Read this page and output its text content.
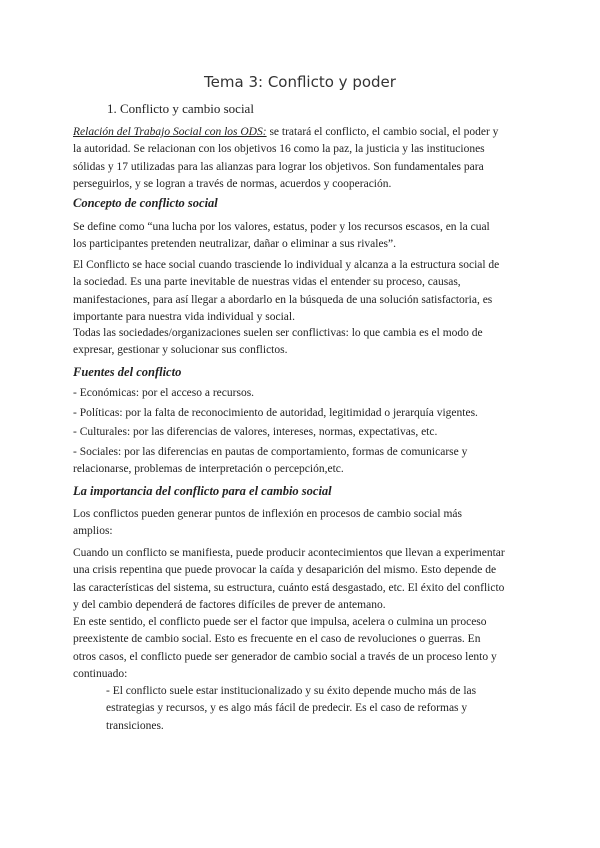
Tema 3: Conflicto y poder
1. Conflicto y cambio social
Relación del Trabajo Social con los ODS: se tratará el conflicto, el cambio social, el poder y
la autoridad. Se relacionan con los objetivos 16 como la paz, la justicia y las instituciones
sólidas y 17 utilizadas para las alianzas para lograr los objetivos. Son fundamentales para
perseguirlos, y se logran a través de normas, acuerdos y cooperación.
Concepto de conflicto social
Se define como “una lucha por los valores, estatus, poder y los recursos escasos, en la cual
los participantes pretenden neutralizar, dañar o eliminar a sus rivales”.
El Conflicto se hace social cuando trasciende lo individual y alcanza a la estructura social de
la sociedad. Es una parte inevitable de nuestras vidas el entender su proceso, causas,
manifestaciones, para así llegar a abordarlo en la búsqueda de una solución satisfactoria, es
importante para nuestra vida individual y social.
Todas las sociedades/organizaciones suelen ser conflictivas: lo que cambia es el modo de
expresar, gestionar y solucionar sus conflictos.
Fuentes del conflicto
- Económicas: por el acceso a recursos.
- Políticas: por la falta de reconocimiento de autoridad, legitimidad o jerarquía vigentes.
- Culturales: por las diferencias de valores, intereses, normas, expectativas, etc.
- Sociales: por las diferencias en pautas de comportamiento, formas de comunicarse y
relacionarse, problemas de interpretación o percepción,etc.
La importancia del conflicto para el cambio social
Los conflictos pueden generar puntos de inflexión en procesos de cambio social más
amplios:
Cuando un conflicto se manifiesta, puede producir acontecimientos que llevan a experimentar
una crisis repentina que puede provocar la caída y desaparición del mismo. Esto depende de
las características del sistema, su estructura, cuánto está desgastado, etc. El éxito del conflicto
y del cambio dependerá de factores difíciles de prever de antemano.
En este sentido, el conflicto puede ser el factor que impulsa, acelera o culmina un proceso
preexistente de cambio social. Esto es frecuente en el caso de revoluciones o guerras. En
otros casos, el conflicto puede ser generador de cambio social a través de un proceso lento y
continuado:
- El conflicto suele estar institucionalizado y su éxito depende mucho más de las
estrategias y recursos, y es algo más fácil de predecir. Es el caso de reformas y
transiciones.
